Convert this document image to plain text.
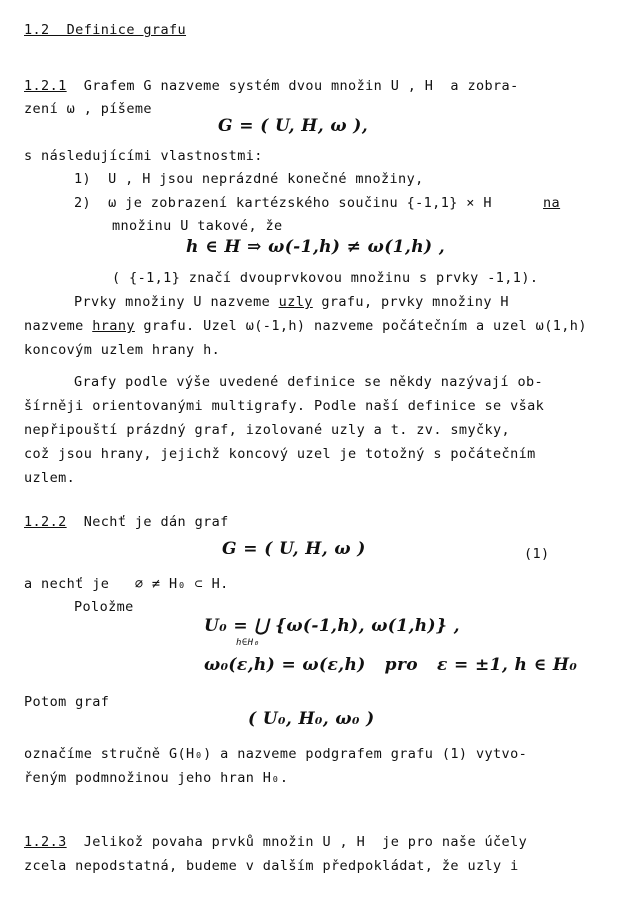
1.2  Definice grafu
1.2.1 Grafem G nazveme systém dvou množin U , H  a zobra-
zení ω , píšeme
G = ( U, H, ω ),
s následujícími vlastnostmi:
1)  U , H jsou neprázdné konečné množiny,
2)  ω je zobrazení kartézského součinu {-1,1} × H	na
množinu U takové, že
h ∈ H ⇒ ω(-1,h) ≠ ω(1,h) ,
( {-1,1} značí dvouprvkovou množinu s prvky -1,1).
Prvky množiny U nazveme uzly grafu, prvky množiny H
nazveme hrany grafu. Uzel ω(-1,h) nazveme počátečním a uzel ω(1,h)
koncovým uzlem hrany h.
Grafy podle výše uvedené definice se někdy nazývají ob-
šírněji orientovanými multigrafy. Podle naší definice se však
nepřipouští prázdný graf, izolované uzly a t. zv. smyčky,
což jsou hrany, jejichž koncový uzel je totožný s počátečním
uzlem.
1.2.2 Nechť je dán graf
G = ( U, H, ω )	(1)
a nechť je   ∅ ≠ H₀ ⊂ H.
Položme
U₀ = ⋃ {ω(-1,h), ω(1,h)} ,
h∈H₀
ω₀(ε,h) = ω(ε,h)   pro   ε = ±1, h ∈ H₀
Potom graf
( U₀, H₀, ω₀ )
označíme stručně G(H₀) a nazveme podgrafem grafu (1) vytvo-
řeným podmnožinou jeho hran H₀.
1.2.3 Jelikož povaha prvků množin U , H  je pro naše účely
zcela nepodstatná, budeme v dalším předpokládat, že uzly i
